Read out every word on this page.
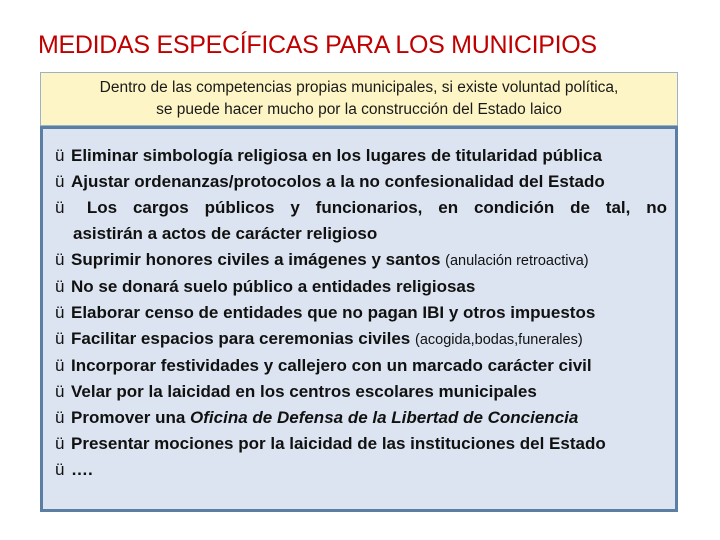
MEDIDAS ESPECÍFICAS PARA LOS MUNICIPIOS
Dentro de las competencias propias municipales, si existe voluntad política,
se puede hacer mucho por la construcción del Estado laico
ü Eliminar simbología religiosa en los lugares de titularidad pública
ü Ajustar ordenanzas/protocolos a la no confesionalidad del Estado
ü	Los cargos públicos y funcionarios, en condición de tal, no
asistirán a actos de carácter religioso
ü Suprimir honores civiles a imágenes y santos (anulación retroactiva)
ü No se donará suelo público a entidades religiosas
ü Elaborar censo de entidades que no pagan IBI y otros impuestos
ü Facilitar espacios para ceremonias civiles (acogida,bodas,funerales)
ü Incorporar festividades y callejero con un marcado carácter civil
ü Velar por la laicidad en los centros escolares municipales
ü Promover una Oficina de Defensa de la Libertad de Conciencia
ü Presentar mociones por la laicidad de las instituciones del Estado
ü ….
